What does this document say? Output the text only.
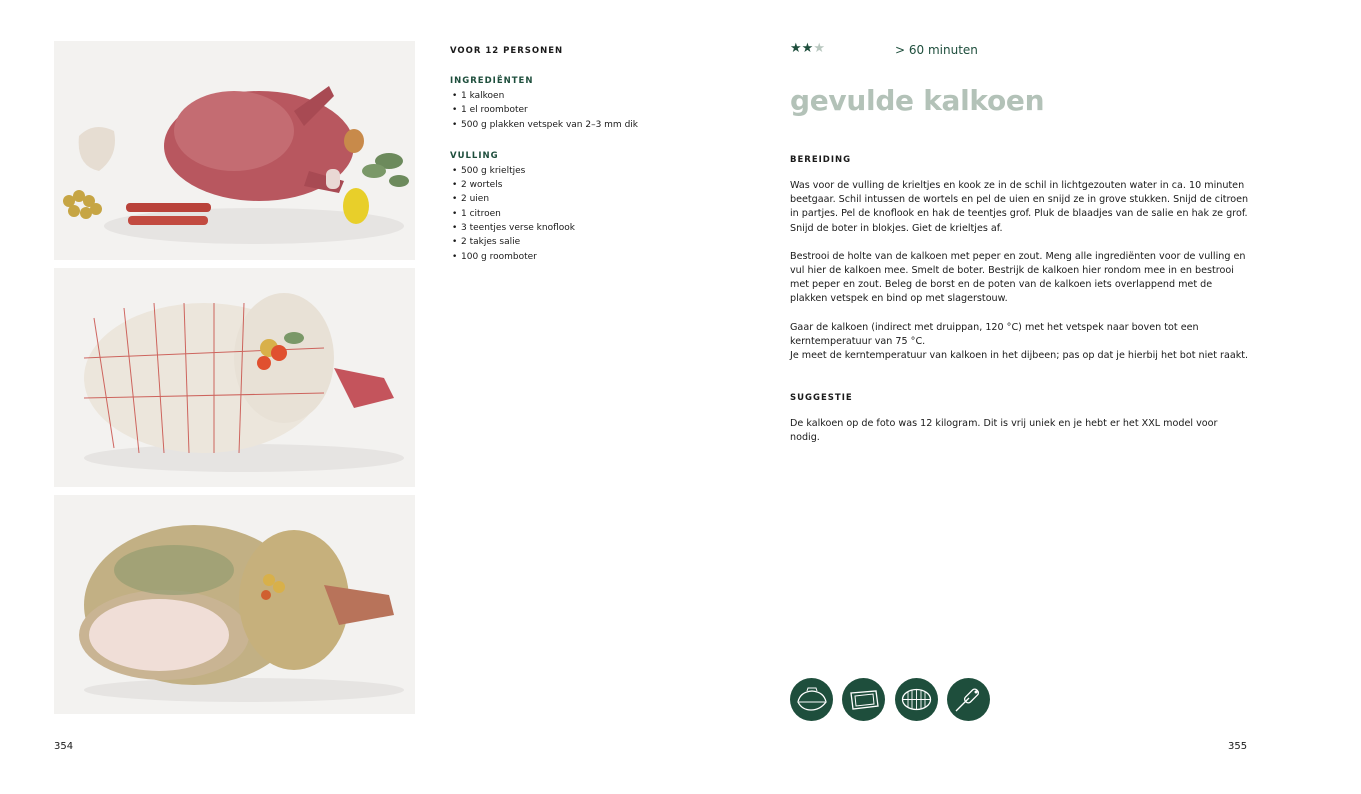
VOOR 12 PERSONEN

INGREDIËNTEN

• 1 kalkoen
• 1 el roomboter
• 500 g plakken vetspek van 2–3 mm dik

VULLING

• 500 g krieltjes
• 2 wortels
• 2 uien
• 1 citroen
• 3 teentjes verse knoflook
• 2 takjes salie
• 100 g roomboter
★★★	> 60 minuten
gevulde kalkoen

BEREIDING

Was voor de vulling de krieltjes en kook ze in de schil in lichtgezouten water in ca. 10 minuten beetgaar. Schil intussen de wortels en pel de uien en snijd ze in grove stukken. Snijd de citroen in partjes. Pel de knoflook en hak de teentjes grof. Pluk de blaadjes van de salie en hak ze grof. Snijd de boter in blokjes. Giet de krieltjes af.

Bestrooi de holte van de kalkoen met peper en zout. Meng alle ingrediënten voor de vulling en vul hier de kalkoen mee. Smelt de boter. Bestrijk de kalkoen hier rondom mee in en bestrooi met peper en zout. Beleg de borst en de poten van de kalkoen iets overlappend met de plakken vetspek en bind op met slagerstouw.

Gaar de kalkoen (indirect met druippan, 120 °C) met het vetspek naar boven tot een kerntemperatuur van 75 °C.
Je meet de kerntemperatuur van kalkoen in het dijbeen; pas op dat je hierbij het bot niet raakt.

SUGGESTIE

De kalkoen op de foto was 12 kilogram. Dit is vrij uniek en je hebt er het XXL model voor nodig.

354	355
